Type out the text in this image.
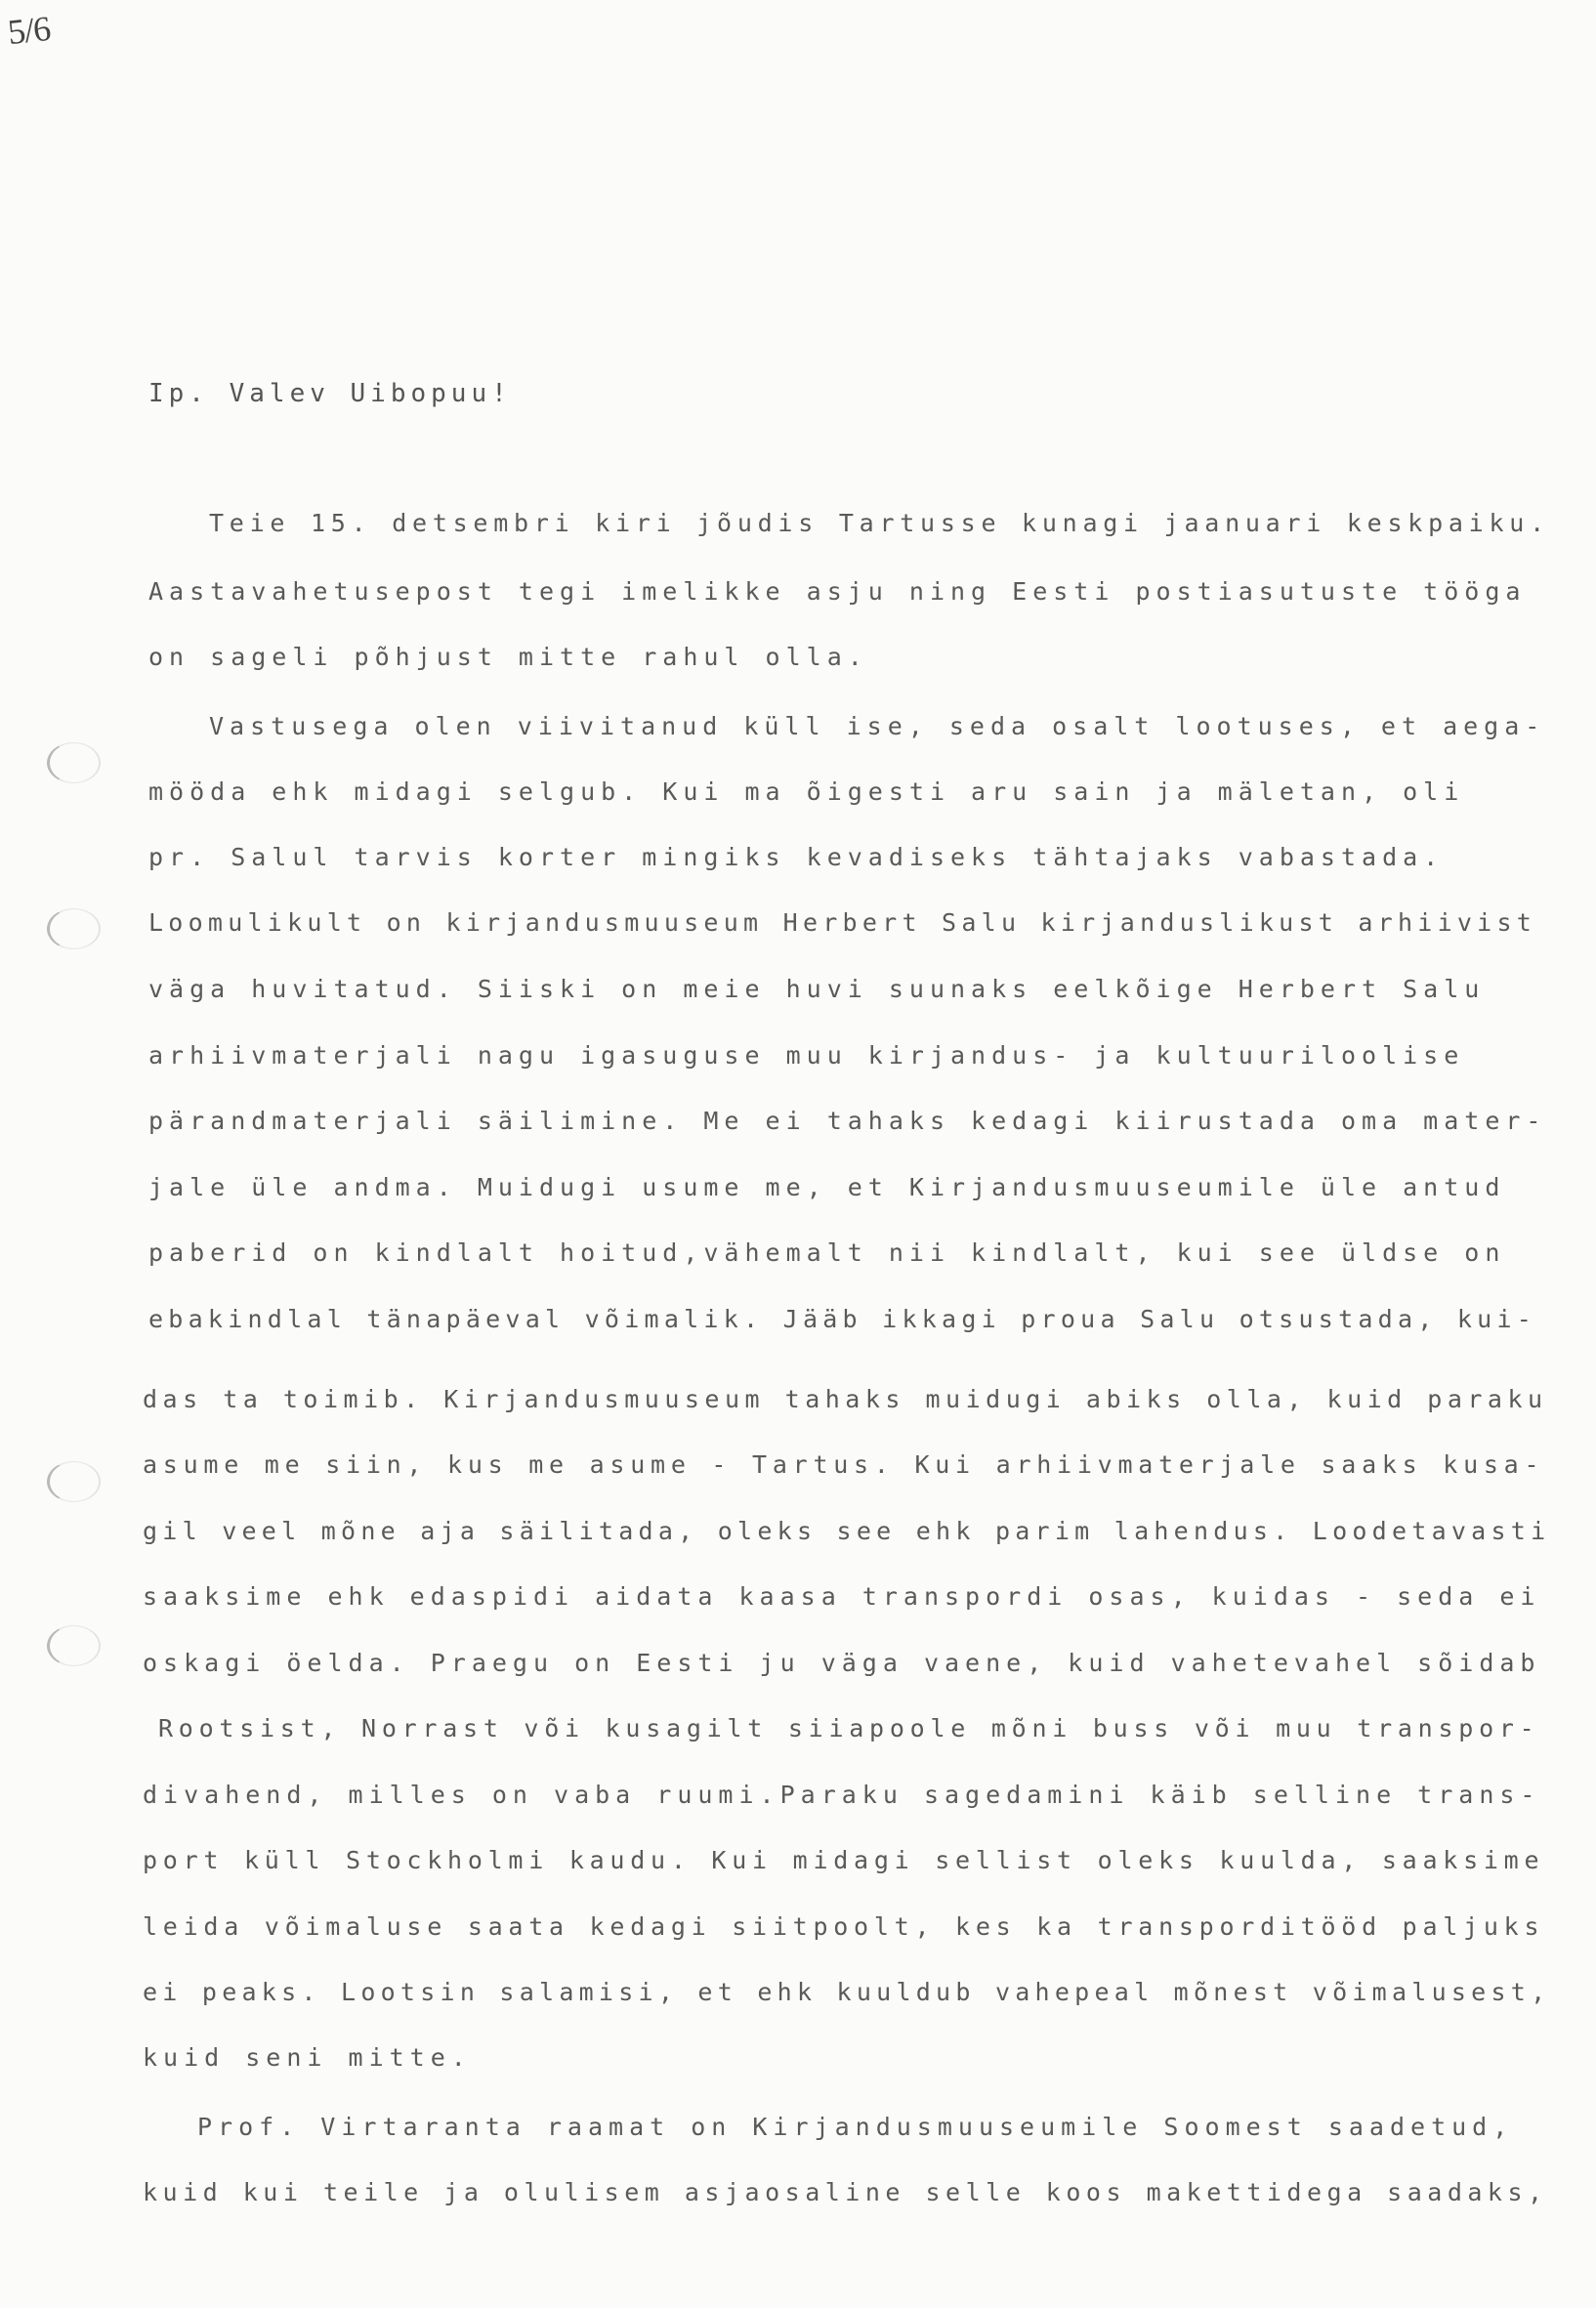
5/6
Ip. Valev Uibopuu!
Teie 15. detsembri kiri jõudis Tartusse kunagi jaanuari keskpaiku.
Aastavahetusepost tegi imelikke asju ning Eesti postiasutuste tööga
on sageli põhjust mitte rahul olla.
Vastusega olen viivitanud küll ise, seda osalt lootuses, et aega-
mööda ehk midagi selgub. Kui ma õigesti aru sain ja mäletan, oli
pr. Salul tarvis korter mingiks kevadiseks tähtajaks vabastada.
Loomulikult on kirjandusmuuseum Herbert Salu kirjanduslikust arhiivist
väga huvitatud. Siiski on meie huvi suunaks eelkõige Herbert Salu
arhiivmaterjali nagu igasuguse muu kirjandus- ja kultuuriloolise
pärandmaterjali säilimine. Me ei tahaks kedagi kiirustada oma mater-
jale üle andma. Muidugi usume me, et Kirjandusmuuseumile üle antud
paberid on kindlalt hoitud,vähemalt nii kindlalt, kui see üldse on
ebakindlal tänapäeval võimalik. Jääb ikkagi proua Salu otsustada, kui-
das ta toimib. Kirjandusmuuseum tahaks muidugi abiks olla, kuid paraku
asume me siin, kus me asume - Tartus. Kui arhiivmaterjale saaks kusa-
gil veel mõne aja säilitada, oleks see ehk parim lahendus. Loodetavasti
saaksime ehk edaspidi aidata kaasa transpordi osas, kuidas - seda ei
oskagi öelda. Praegu on Eesti ju väga vaene, kuid vahetevahel sõidab
Rootsist, Norrast või kusagilt siiapoole mõni buss või muu transpor-
divahend, milles on vaba ruumi.Paraku sagedamini käib selline trans-
port küll Stockholmi kaudu. Kui midagi sellist oleks kuulda, saaksime
leida võimaluse saata kedagi siitpoolt, kes ka transporditööd paljuks
ei peaks. Lootsin salamisi, et ehk kuuldub vahepeal mõnest võimalusest,
kuid seni mitte.
Prof. Virtaranta raamat on Kirjandusmuuseumile Soomest saadetud,
kuid kui teile ja olulisem asjaosaline selle koos makettidega saadaks,
